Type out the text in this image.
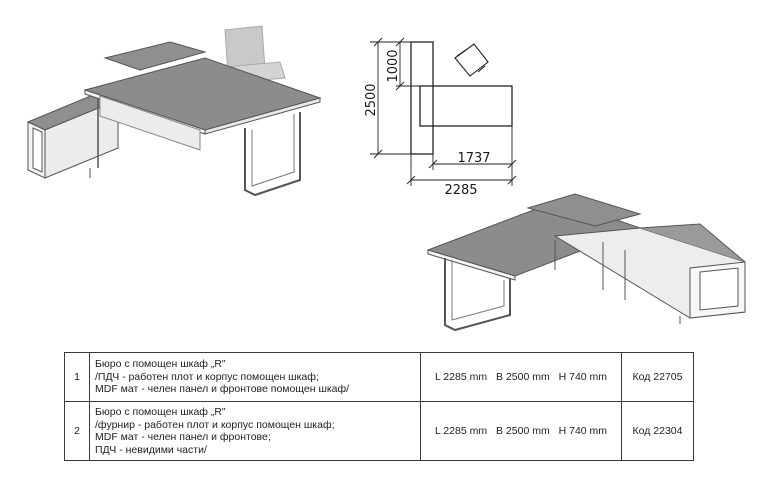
2500
1000
1737
2285
1	Бюро с помощен шкаф „R"
/ПДЧ - работен плот и корпус помощен шкаф;
MDF мат - челен панел и фронтове помощен шкаф/	L 2285 mm B 2500 mm H 740 mm	Код 22705
2	Бюро с помощен шкаф „R"
/фурнир - работен плот и корпус помощен шкаф;
MDF мат - челен панел и фронтове;
ПДЧ - невидими части/	L 2285 mm B 2500 mm H 740 mm	Код 22304
